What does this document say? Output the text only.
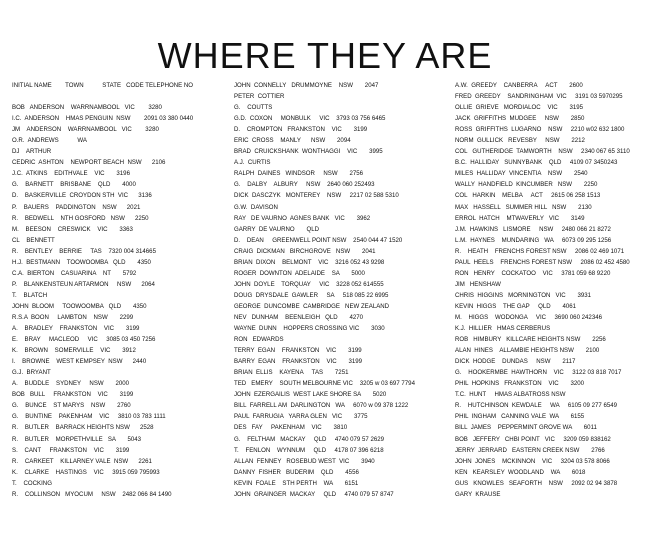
WHERE THEY ARE
INITIAL NAME        TOWN           STATE   CODE TELEPHONE NO
BOB   ANDERSON    WARRNAMBOOL   VIC        3280
I.C.  ANDERSON    HMAS PENGUIN  NSW        2091 03 380 0440
JM    ANDERSON    WARRNAMBOOL   VIC        3280
O.R.  ANDREWS           WA
DJ    ARTHUR
CEDRIC  ASHTON    NEWPORT BEACH  NSW      2106
J.C.  ATKINS    EDITHVALE    VIC       3196
G.    BARNETT    BRISBANE    QLD       4000
D.    BASKERVILLE  CROYDON STH  VIC      3136
P.    BAUERS    PADDINGTON    NSW      2021
R.    BEDWELL    NTH GOSFORD   NSW      2250
M.    BEESON    CRESWICK    VIC       3363
CL    BENNETT
R.    BENTLEY    BERRIE     TAS    7320 004 314665
H.J.  BESTMANN    TOOWOOMBA   QLD       4350
C.A.  BIERTON    CASUARINA    NT       5792
P.    BLANKENSTEUN ARTARMON     NSW      2064
T.    BLATCH
JOHN  BLOOM     TOOWOOMBA   QLD       4350
R.S.A  BOON     LAMBTON    NSW       2299
A.    BRADLEY    FRANKSTON    VIC       3199
E.    BRAY     MACLEOD     VIC     3085 03 450 7256
K.    BROWN    SOMERVILLE    VIC       3912
I.    BROWNE    WEST KEMPSEY  NSW      2440
G.J.  BRYANT
A.    BUDDLE    SYDNEY     NSW       2000
BOB   BULL     FRANKSTON    VIC       3199
G.    BUNCE    ST MARYS    NSW       2760
G.    BUNTINE    PAKENHAM    VIC     3810 03 783 1111
R.    BUTLER    BARRACK HEIGHTS NSW      2528
R.    BUTLER    MORPETHVILLE   SA       5043
S.    CANT     FRANKSTON    VIC       3199
R.    CARKEET    KILLARNEY VALE  NSW      2261
K.    CLARKE    HASTINGS    VIC     3915 059 795993
T.    COCKING
R.    COLLINSON   MYOCUM     NSW    2482 066 84 1490
JOHN  CONNELLY   DRUMMOYNE    NSW       2047
PETER  COTTIER
G.    COUTTS
G.D.  COXON     MONBULK     VIC    3793 03 756 6465
D.    CROMPTON   FRANKSTON    VIC       3199
ERIC  CROSS    MANLY      NSW       2094
BRAD  CRUICKSHANK  WONTHAGGI    VIC       3995
A.J.  CURTIS
RALPH  DAINES   WINDSOR     NSW       2756
G.    DALBY    ALBURY     NSW    2640 060 252493
DICK  DASCZYK   MONTEREY    NSW     2217 02 588 5310
G.W.  DAVISON
RAY   DE VAURNO  AGNES BANK   VIC       3962
GARRY  DE VAURNO       QLD
D.    DEAN     GREENWELL POINT NSW    2540 044 47 1520
CRAIG  DICKMAN   BIRCHGROVE   NSW       2041
BRIAN  DIXON    BELMONT    VIC    3216 052 43 9298
ROGER  DOWNTON  ADELAIDE    SA       5000
JOHN  DOYLE    TORQUAY     VIC    3228 052 614555
DOUG  DRYSDALE  GAWLER     SA     518 085 22 6995
GEORGE  DUNCOMBE  CAMBRIDGE   NEW ZEALAND
NEV   DUNHAM    BEENLEIGH   QLD       4270
WAYNE  DUNN    HOPPERS CROSSING VIC       3030
RON   EDWARDS
TERRY  EGAN    FRANKSTON    VIC       3199
BARRY  EGAN    FRANKSTON    VIC       3199
BRIAN  ELLIS    KAYENA     TAS       7251
TED   EMERY    SOUTH MELBOURNE VIC    3205 w 03 697 7794
JOHN  EZERGAILIS  WEST LAKE SHORE SA       5020
BILL  FARRELL AM  DARLINGTON   WA     6070 w 09 378 1222
PAUL  FARRUGIA   YARRA GLEN   VIC       3775
DES   FAY     PAKENHAM    VIC       3810
G.    FELTHAM   MACKAY     QLD     4740 079 57 2629
T.    FENLON    WYNNUM     QLD     4178 07 396 6218
ALLAN  FENNEY   ROSEBUD WEST  VIC       3940
DANNY  FISHER   BUDERIM    QLD       4556
KEVIN  FOALE    STH PERTH    WA       6151
JOHN  GRAINGER  MACKAY     QLD     4740 079 57 8747
A.W.  GREEDY    CANBERRA     ACT       2600
FRED  GREEDY    SANDRINGHAM  VIC     3191 03 5970295
OLLIE  GRIEVE   MORDIALOC    VIC       3195
JACK  GRIFFITHS  MUDGEE     NSW       2850
ROSS  GRIFFITHS  LUGARNO    NSW     2210 w02 632 1800
NORM  GULLICK   REVESBY     NSW       2212
COL   GUTHERIDGE  TAMWORTH    NSW     2340 067 65 3110
B.C.  HALLIDAY   SUNNYBANK    QLD     4109 07 3450243
MILES  HALLIDAY  VINCENTIA    NSW       2540
WALLY  HANDFIELD  KINCUMBER   NSW       2250
COL   HARKIN    MELBA     ACT     2615 06 258 1513
MAX   HASSELL   SUMMER HILL   NSW       2130
ERROL  HATCH    MTWAVERLY   VIC       3149
J.M.  HAWKINS   LISMORE     NSW     2480 066 21 8272
L.M.  HAYNES    MUNDARING   WA     6073 09 295 1256
R.    HEATH    FRENCHS FOREST NSW     2086 02 469 1071
PAUL  HEELS    FRENCHS FOREST NSW     2086 02 452 4580
RON   HENRY    COCKATOO    VIC     3781 059 68 9220
JIM   HENSHAW
CHRIS  HIGGINS   MORNINGTON   VIC       3931
KEVIN  HIGGS    THE GAP     QLD       4061
M.    HIGGS    WODONGA     VIC     3690 060 242346
K.J.  HILLIER   HMAS CERBERUS
ROB   HIMBURY   KILLCARE HEIGHTS NSW       2256
ALAN  HINES    ALLAMBIE HEIGHTS NSW       2100
DICK  HODGE    DUNDAS     NSW       2117
G.    HOOKERMBE  HAWTHORN    VIC     3122 03 818 7017
PHIL  HOPKINS   FRANKSTON    VIC       3200
T.C.  HUNT     HMAS ALBATROSS NSW
R.    HUTCHINSON  KEWDALE     WA     6105 09 277 6549
PHIL  INGHAM   CANNING VALE  WA       6155
BILL  JAMES    PEPPERMINT GROVE WA       6011
BOB   JEFFERY   CHBI POINT   VIC     3209 059 838162
JERRY  JERRARD   EASTERN CREEK NSW       2766
JOHN  JONES    MCKINNON    VIC     3204 03 578 8066
KEN   KEARSLEY  WOODLAND    WA       6018
GUS   KNOWLES   SEAFORTH    NSW     2092 02 94 3878
GARY  KRAUSE
